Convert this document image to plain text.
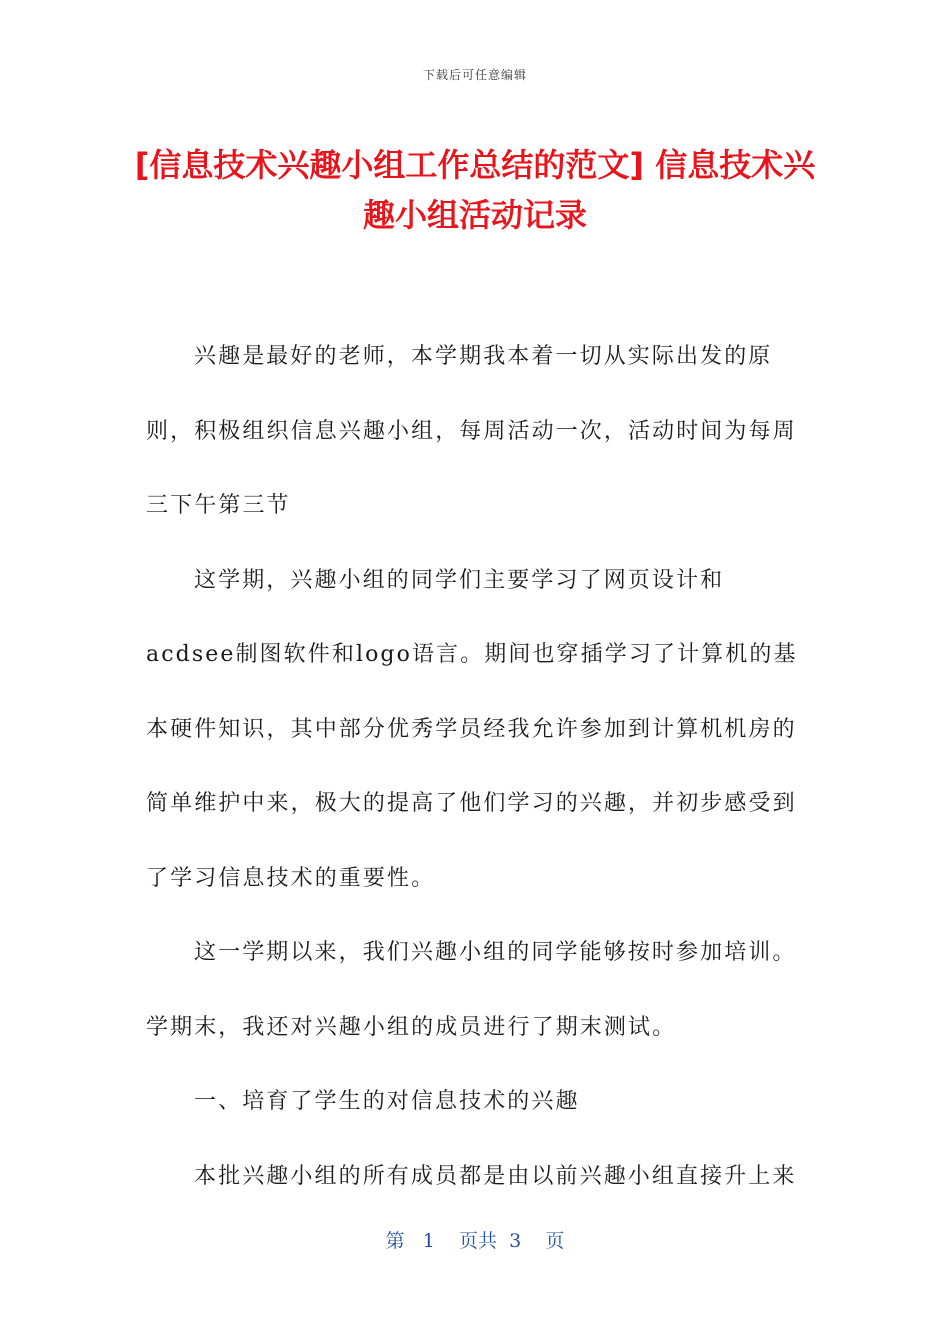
下载后可任意编辑
[信息技术兴趣小组工作总结的范文] 信息技术兴趣小组活动记录

兴趣是最好的老师，本学期我本着一切从实际出发的原则，积极组织信息兴趣小组，每周活动一次，活动时间为每周三下午第三节

这学期，兴趣小组的同学们主要学习了网页设计和acdsee制图软件和logo语言。期间也穿插学习了计算机的基本硬件知识，其中部分优秀学员经我允许参加到计算机机房的简单维护中来，极大的提高了他们学习的兴趣，并初步感受到了学习信息技术的重要性。

这一学期以来，我们兴趣小组的同学能够按时参加培训。学期末，我还对兴趣小组的成员进行了期末测试。

一、培育了学生的对信息技术的兴趣

本批兴趣小组的所有成员都是由以前兴趣小组直接升上来

第 1 页共 3 页
